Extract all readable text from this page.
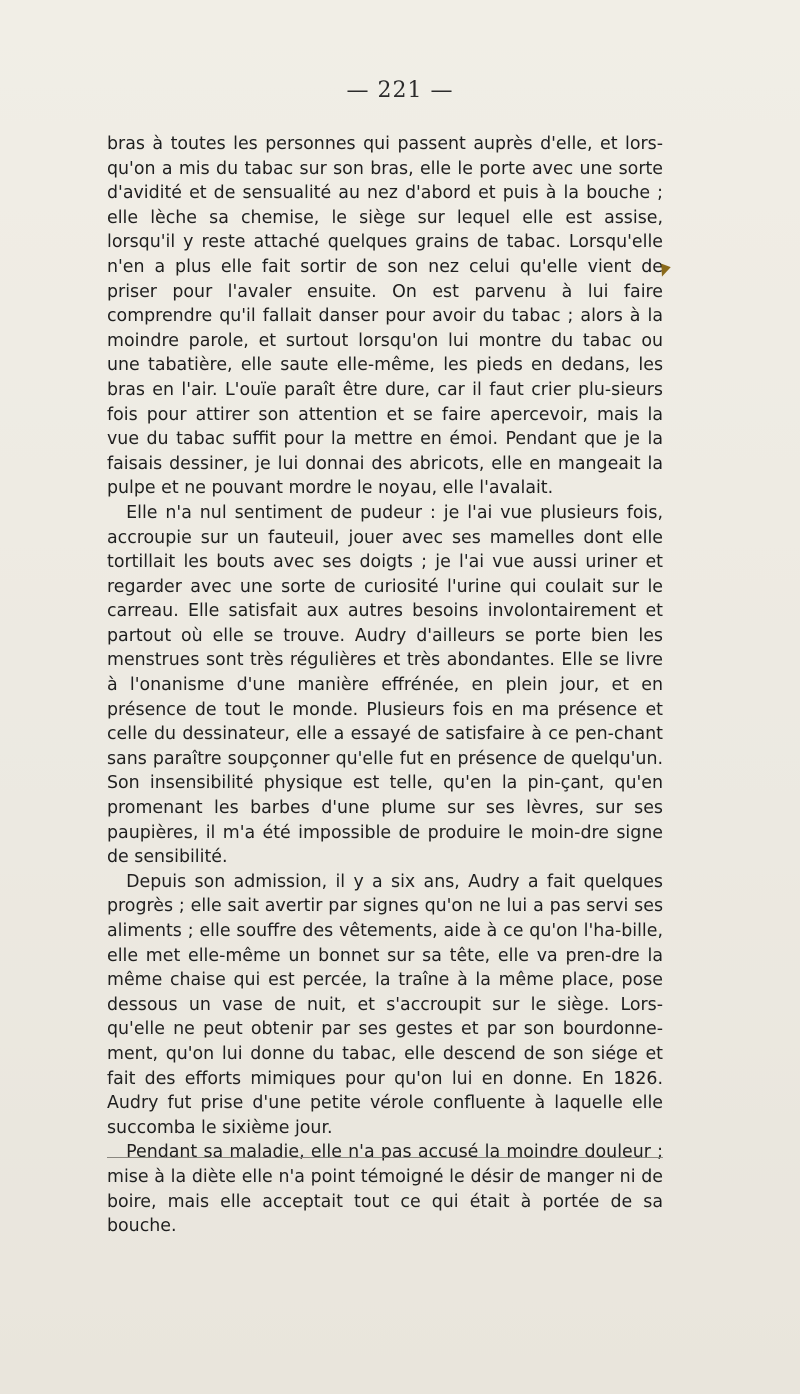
— 221 —

bras à toutes les personnes qui passent auprès d'elle, et lors-qu'on a mis du tabac sur son bras, elle le porte avec une sorte d'avidité et de sensualité au nez d'abord et puis à la bouche ; elle lèche sa chemise, le siège sur lequel elle est assise, lorsqu'il y reste attaché quelques grains de tabac. Lorsqu'elle n'en a plus elle fait sortir de son nez celui qu'elle vient de priser pour l'avaler ensuite. On est parvenu à lui faire comprendre qu'il fallait danser pour avoir du tabac ; alors à la moindre parole, et surtout lorsqu'on lui montre du tabac ou une tabatière, elle saute elle-même, les pieds en dedans, les bras en l'air. L'ouïe paraît être dure, car il faut crier plu-sieurs fois pour attirer son attention et se faire apercevoir, mais la vue du tabac suffit pour la mettre en émoi. Pendant que je la faisais dessiner, je lui donnai des abricots, elle en mangeait la pulpe et ne pouvant mordre le noyau, elle l'avalait.

Elle n'a nul sentiment de pudeur : je l'ai vue plusieurs fois, accroupie sur un fauteuil, jouer avec ses mamelles dont elle tortillait les bouts avec ses doigts ; je l'ai vue aussi uriner et regarder avec une sorte de curiosité l'urine qui coulait sur le carreau. Elle satisfait aux autres besoins involontairement et partout où elle se trouve. Audry d'ailleurs se porte bien les menstrues sont très régulières et très abondantes. Elle se livre à l'onanisme d'une manière effrénée, en plein jour, et en présence de tout le monde. Plusieurs fois en ma présence et celle du dessinateur, elle a essayé de satisfaire à ce pen-chant sans paraître soupçonner qu'elle fut en présence de quelqu'un. Son insensibilité physique est telle, qu'en la pin-çant, qu'en promenant les barbes d'une plume sur ses lèvres, sur ses paupières, il m'a été impossible de produire le moin-dre signe de sensibilité.

Depuis son admission, il y a six ans, Audry a fait quelques progrès ; elle sait avertir par signes qu'on ne lui a pas servi ses aliments ; elle souffre des vêtements, aide à ce qu'on l'ha-bille, elle met elle-même un bonnet sur sa tête, elle va pren-dre la même chaise qui est percée, la traîne à la même place, pose dessous un vase de nuit, et s'accroupit sur le siège. Lors-qu'elle ne peut obtenir par ses gestes et par son bourdonne-ment, qu'on lui donne du tabac, elle descend de son siége et fait des efforts mimiques pour qu'on lui en donne. En 1826. Audry fut prise d'une petite vérole confluente à laquelle elle succomba le sixième jour.

Pendant sa maladie, elle n'a pas accusé la moindre douleur ; mise à la diète elle n'a point témoigné le désir de manger ni de boire, mais elle acceptait tout ce qui était à portée de sa bouche.
